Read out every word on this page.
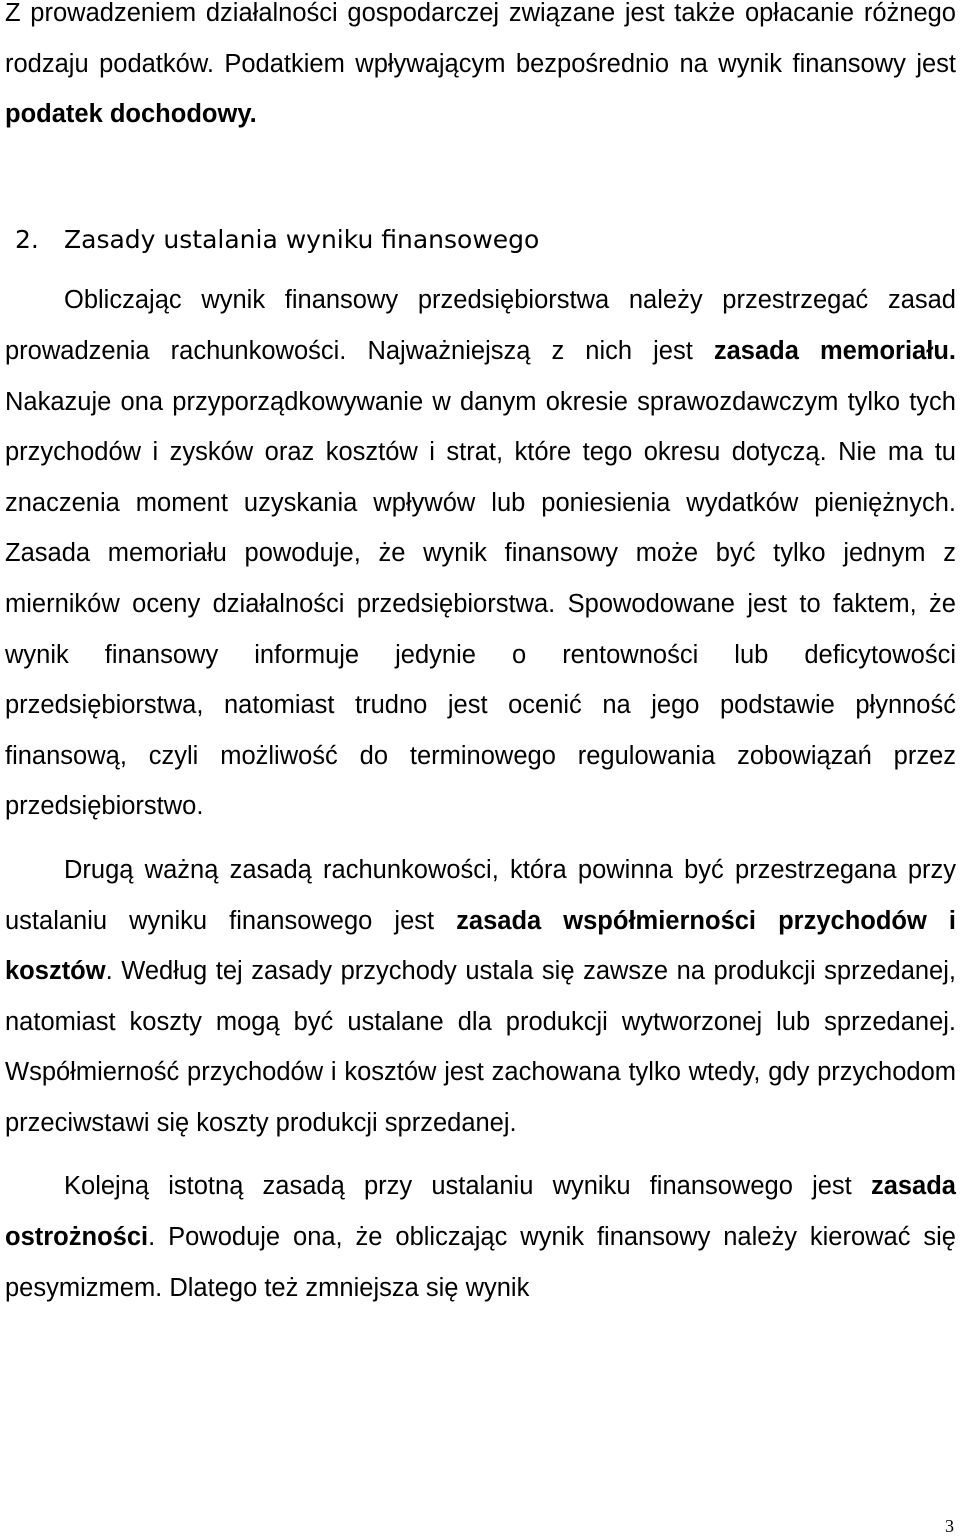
Z prowadzeniem działalności gospodarczej związane jest także opłacanie różnego rodzaju podatków. Podatkiem wpływającym bezpośrednio na wynik finansowy jest podatek dochodowy.

2. Zasady ustalania wyniku finansowego

Obliczając wynik finansowy przedsiębiorstwa należy przestrzegać zasad prowadzenia rachunkowości. Najważniejszą z nich jest zasada memoriału. Nakazuje ona przyporządkowywanie w danym okresie sprawozdawczym tylko tych przychodów i zysków oraz kosztów i strat, które tego okresu dotyczą. Nie ma tu znaczenia moment uzyskania wpływów lub poniesienia wydatków pieniężnych. Zasada memoriału powoduje, że wynik finansowy może być tylko jednym z mierników oceny działalności przedsiębiorstwa. Spowodowane jest to faktem, że wynik finansowy informuje jedynie o rentowności lub deficytowości przedsiębiorstwa, natomiast trudno jest ocenić na jego podstawie płynność finansową, czyli możliwość do terminowego regulowania zobowiązań przez przedsiębiorstwo.

Drugą ważną zasadą rachunkowości, która powinna być przestrzegana przy ustalaniu wyniku finansowego jest zasada współmierności przychodów i kosztów. Według tej zasady przychody ustala się zawsze na produkcji sprzedanej, natomiast koszty mogą być ustalane dla produkcji wytworzonej lub sprzedanej. Współmierność przychodów i kosztów jest zachowana tylko wtedy, gdy przychodom przeciwstawi się koszty produkcji sprzedanej.

Kolejną istotną zasadą przy ustalaniu wyniku finansowego jest zasada ostrożności. Powoduje ona, że obliczając wynik finansowy należy kierować się pesymizmem. Dlatego też zmniejsza się wynik

3
